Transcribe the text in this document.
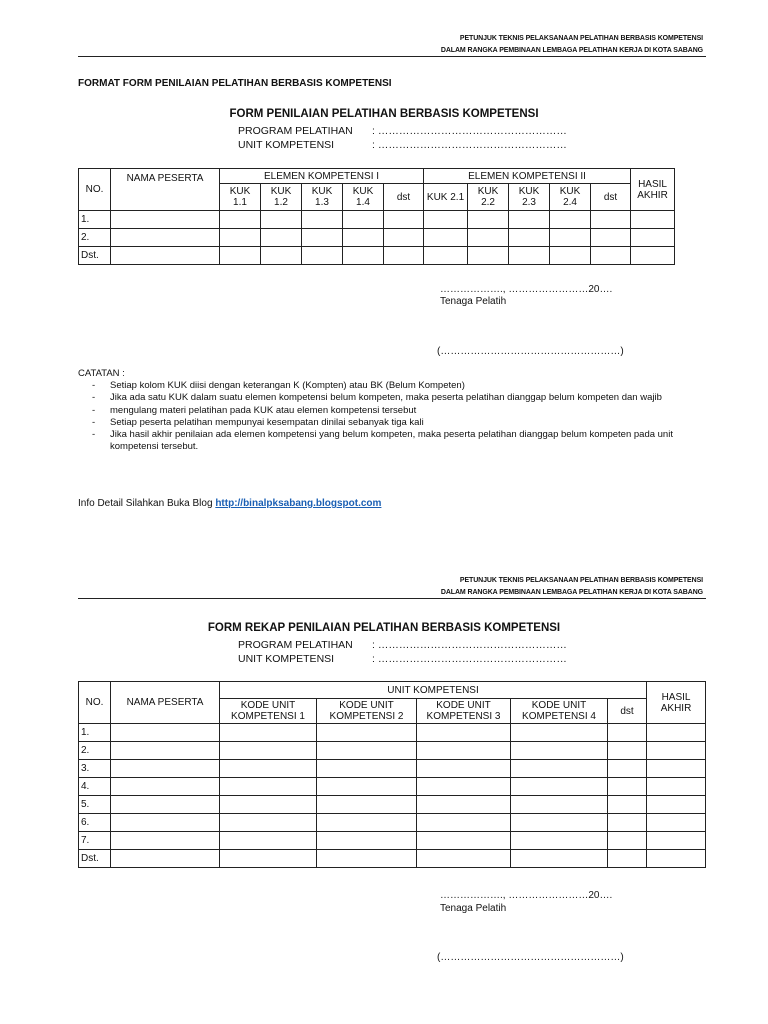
PETUNJUK TEKNIS PELAKSANAAN PELATIHAN BERBASIS KOMPETENSI
DALAM RANGKA PEMBINAAN LEMBAGA PELATIHAN KERJA DI KOTA SABANG
FORMAT FORM PENILAIAN PELATIHAN BERBASIS KOMPETENSI
FORM PENILAIAN PELATIHAN BERBASIS KOMPETENSI
PROGRAM PELATIHAN : ………………………………………………
UNIT KOMPETENSI	: ………………………………………………
NO.	NAMA PESERTA	ELEMEN KOMPETENSI I					ELEMEN KOMPETENSI II					HASIL AKHIR
		KUK 1.1	KUK 1.2	KUK 1.3	KUK 1.4	dst	KUK 2.1	KUK 2.2	KUK 2.3	KUK 2.4	dst	
1.												
2.												
Dst.												
………………., ……………………20….
Tenaga Pelatih
(………………………………………………)
CATATAN :
- Setiap kolom KUK diisi dengan keterangan K (Kompten) atau BK (Belum Kompeten)
- Jika ada satu KUK dalam suatu elemen kompetensi belum kompeten, maka peserta pelatihan dianggap belum kompeten dan wajib
- mengulang materi pelatihan pada KUK atau elemen kompetensi tersebut
- Setiap peserta pelatihan mempunyai kesempatan dinilai sebanyak tiga kali
- Jika hasil akhir penilaian ada elemen kompetensi yang belum kompeten, maka peserta pelatihan dianggap belum kompeten pada unit kompetensi tersebut.
Info Detail Silahkan Buka Blog http://binalpksabang.blogspot.com
PETUNJUK TEKNIS PELAKSANAAN PELATIHAN BERBASIS KOMPETENSI
DALAM RANGKA PEMBINAAN LEMBAGA PELATIHAN KERJA DI KOTA SABANG
FORM REKAP PENILAIAN PELATIHAN BERBASIS KOMPETENSI
PROGRAM PELATIHAN : ………………………………………………
UNIT KOMPETENSI	: ………………………………………………
NO.	NAMA PESERTA	UNIT KOMPETENSI					HASIL AKHIR
		KODE UNIT KOMPETENSI 1	KODE UNIT KOMPETENSI 2	KODE UNIT KOMPETENSI 3	KODE UNIT KOMPETENSI 4	dst	
1.							
2.							
3.							
4.							
5.							
6.							
7.							
Dst.							
………………., ……………………20….
Tenaga Pelatih
(………………………………………………)
